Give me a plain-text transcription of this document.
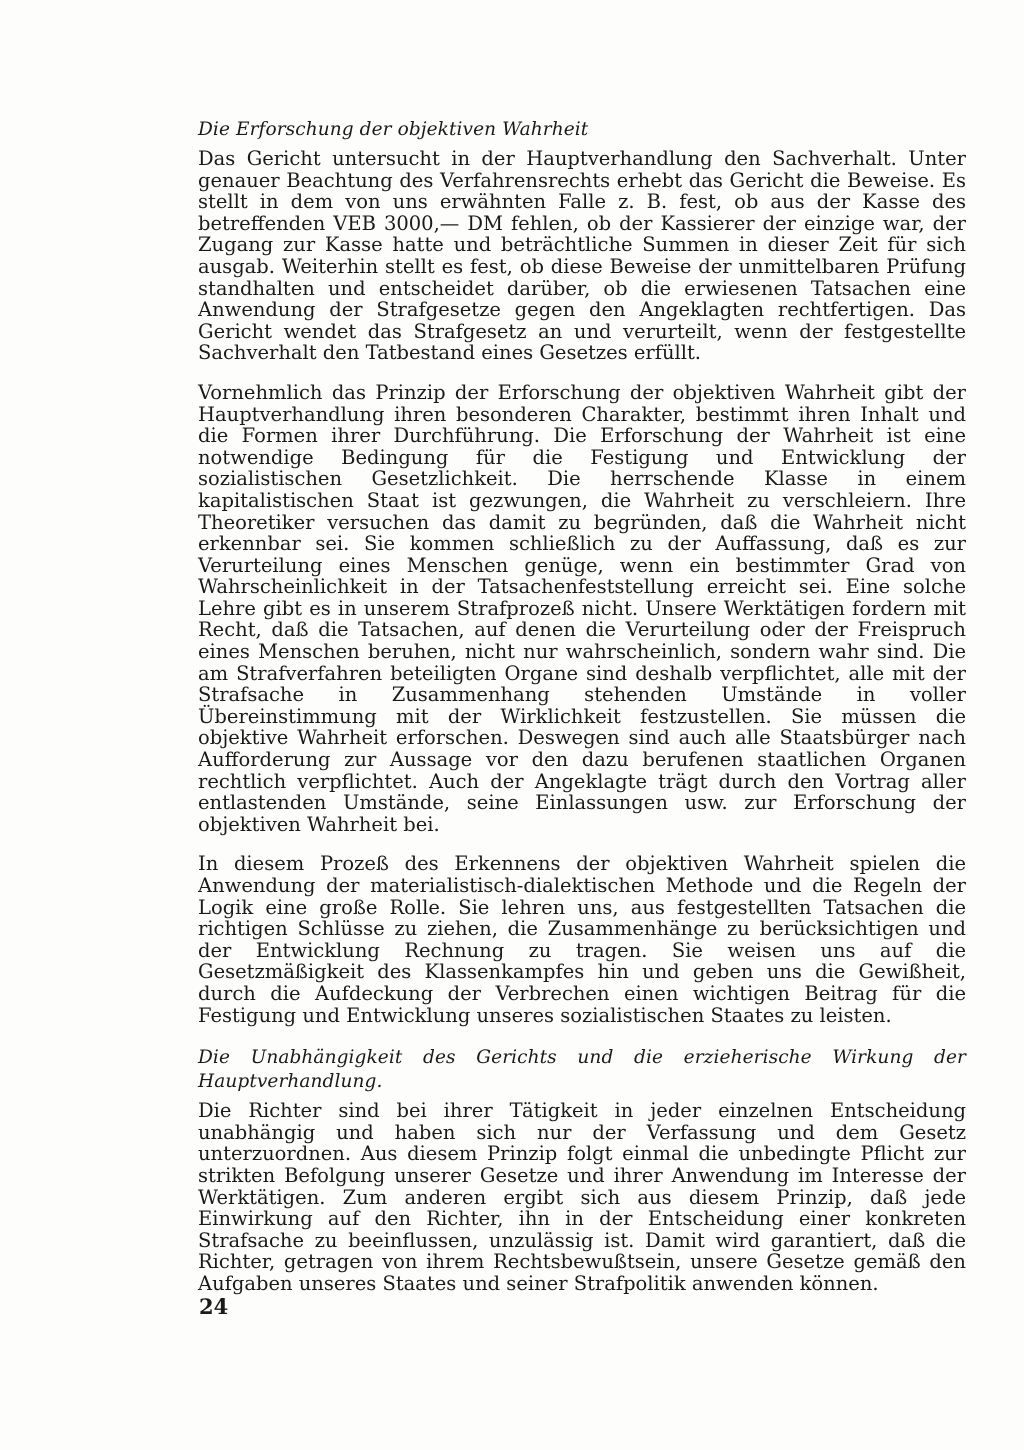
Die Erforschung der objektiven Wahrheit

Das Gericht untersucht in der Hauptverhandlung den Sachverhalt. Unter genauer Beachtung des Verfahrensrechts erhebt das Gericht die Beweise. Es stellt in dem von uns erwähnten Falle z. B. fest, ob aus der Kasse des betreffenden VEB 3000,— DM fehlen, ob der Kassierer der einzige war, der Zugang zur Kasse hatte und beträchtliche Summen in dieser Zeit für sich ausgab. Weiterhin stellt es fest, ob diese Beweise der unmittelbaren Prüfung standhalten und entscheidet darüber, ob die erwiesenen Tatsachen eine Anwendung der Strafgesetze gegen den Angeklagten rechtfertigen. Das Gericht wendet das Strafgesetz an und verurteilt, wenn der festgestellte Sachverhalt den Tatbestand eines Gesetzes erfüllt.

Vornehmlich das Prinzip der Erforschung der objektiven Wahrheit gibt der Hauptverhandlung ihren besonderen Charakter, bestimmt ihren Inhalt und die Formen ihrer Durchführung. Die Erforschung der Wahrheit ist eine notwendige Bedingung für die Festigung und Entwicklung der sozialistischen Gesetzlichkeit. Die herrschende Klasse in einem kapitalistischen Staat ist gezwungen, die Wahrheit zu verschleiern. Ihre Theoretiker versuchen das damit zu begründen, daß die Wahrheit nicht erkennbar sei. Sie kommen schließlich zu der Auffassung, daß es zur Verurteilung eines Menschen genüge, wenn ein bestimmter Grad von Wahrscheinlichkeit in der Tatsachenfeststellung erreicht sei. Eine solche Lehre gibt es in unserem Strafprozeß nicht. Unsere Werktätigen fordern mit Recht, daß die Tatsachen, auf denen die Verurteilung oder der Freispruch eines Menschen beruhen, nicht nur wahrscheinlich, sondern wahr sind. Die am Strafverfahren beteiligten Organe sind deshalb verpflichtet, alle mit der Strafsache in Zusammenhang stehenden Umstände in voller Übereinstimmung mit der Wirklichkeit festzustellen. Sie müssen die objektive Wahrheit erforschen. Deswegen sind auch alle Staatsbürger nach Aufforderung zur Aussage vor den dazu berufenen staatlichen Organen rechtlich verpflichtet. Auch der Angeklagte trägt durch den Vortrag aller entlastenden Umstände, seine Einlassungen usw. zur Erforschung der objektiven Wahrheit bei.

In diesem Prozeß des Erkennens der objektiven Wahrheit spielen die Anwendung der materialistisch-dialektischen Methode und die Regeln der Logik eine große Rolle. Sie lehren uns, aus festgestellten Tatsachen die richtigen Schlüsse zu ziehen, die Zusammenhänge zu berücksichtigen und der Entwicklung Rechnung zu tragen. Sie weisen uns auf die Gesetzmäßigkeit des Klassenkampfes hin und geben uns die Gewißheit, durch die Aufdeckung der Verbrechen einen wichtigen Beitrag für die Festigung und Entwicklung unseres sozialistischen Staates zu leisten.

Die Unabhängigkeit des Gerichts und die erzieherische Wirkung der Hauptverhandlung.

Die Richter sind bei ihrer Tätigkeit in jeder einzelnen Entscheidung unabhängig und haben sich nur der Verfassung und dem Gesetz unterzuordnen. Aus diesem Prinzip folgt einmal die unbedingte Pflicht zur strikten Befolgung unserer Gesetze und ihrer Anwendung im Interesse der Werktätigen. Zum anderen ergibt sich aus diesem Prinzip, daß jede Einwirkung auf den Richter, ihn in der Entscheidung einer konkreten Strafsache zu beeinflussen, unzulässig ist. Damit wird garantiert, daß die Richter, getragen von ihrem Rechtsbewußtsein, unsere Gesetze gemäß den Aufgaben unseres Staates und seiner Strafpolitik anwenden können.

24
